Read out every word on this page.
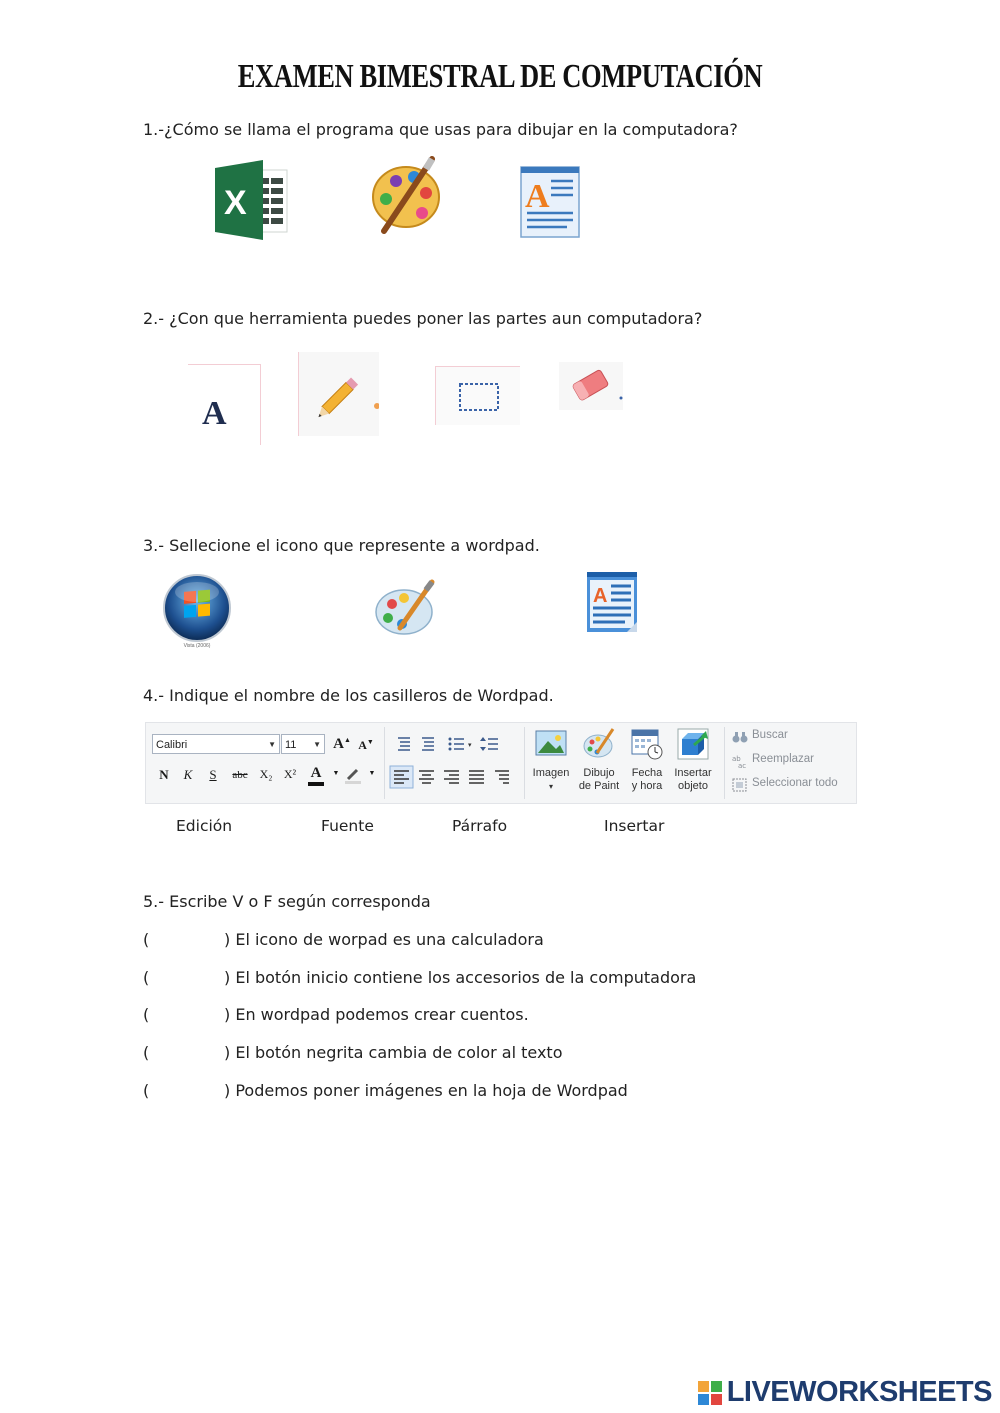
EXAMEN BIMESTRAL DE COMPUTACIÓN
1.-¿Cómo se llama el programa que usas para dibujar en la computadora?
X	A
2.- ¿Con que herramienta puedes poner las partes aun computadora?
A
3.- Sellecione el icono que represente a wordpad.
Vista (2006)
A
4.- Indique el nombre de los casilleros de Wordpad.
Calibri	▼ 11 ▼ A▲ A▼
N	K	S	abc X₂ X² A	▼	▼
▾
Imagen
▾
Dibujo
de Paint
Fecha
y hora
Insertar
objeto
Buscar
ab
ac
Reemplazar
Seleccionar todo
Edición	Fuente	Párrafo	Insertar
5.- Escribe V o F según corresponda
(	) El icono de worpad es una calculadora
(	) El botón inicio contiene los accesorios de la computadora
(	) En wordpad podemos crear cuentos.
(	) El botón negrita cambia de color al texto
(	) Podemos poner imágenes en la hoja de Wordpad
LIVEWORKSHEETS
